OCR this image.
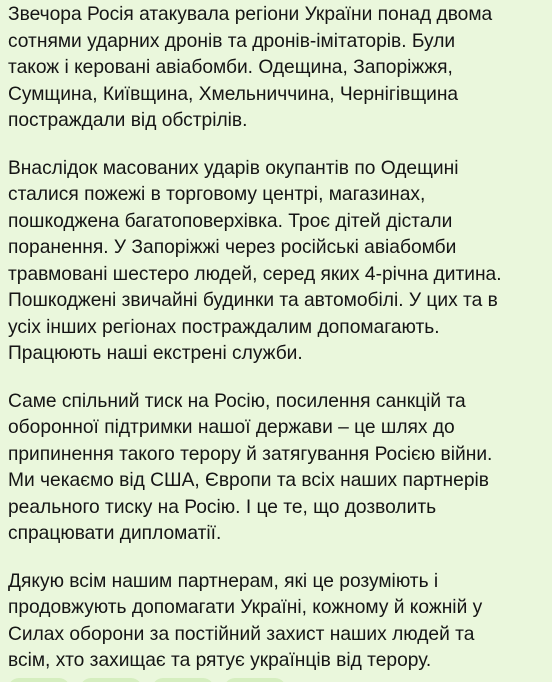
Звечора Росія атакувала регіони України понад двома
сотнями ударних дронів та дронів-імітаторів. Були
також і керовані авіабомби. Одещина, Запоріжжя,
Сумщина, Київщина, Хмельниччина, Чернігівщина
постраждали від обстрілів.

Внаслідок масованих ударів окупантів по Одещині
сталися пожежі в торговому центрі, магазинах,
пошкоджена багатоповерхівка. Троє дітей дістали
поранення. У Запоріжжі через російські авіабомби
травмовані шестеро людей, серед яких 4-річна дитина.
Пошкоджені звичайні будинки та автомобілі. У цих та в
усіх інших регіонах постраждалим допомагають.
Працюють наші екстрені служби.

Саме спільний тиск на Росію, посилення санкцій та
оборонної підтримки нашої держави – це шлях до
припинення такого терору й затягування Росією війни.
Ми чекаємо від США, Європи та всіх наших партнерів
реального тиску на Росію. І це те, що дозволить
спрацювати дипломатії.

Дякую всім нашим партнерам, які це розуміють і
продовжують допомагати Україні, кожному й кожній у
Силах оборони за постійний захист наших людей та
всім, хто захищає та рятує українців від терору.
